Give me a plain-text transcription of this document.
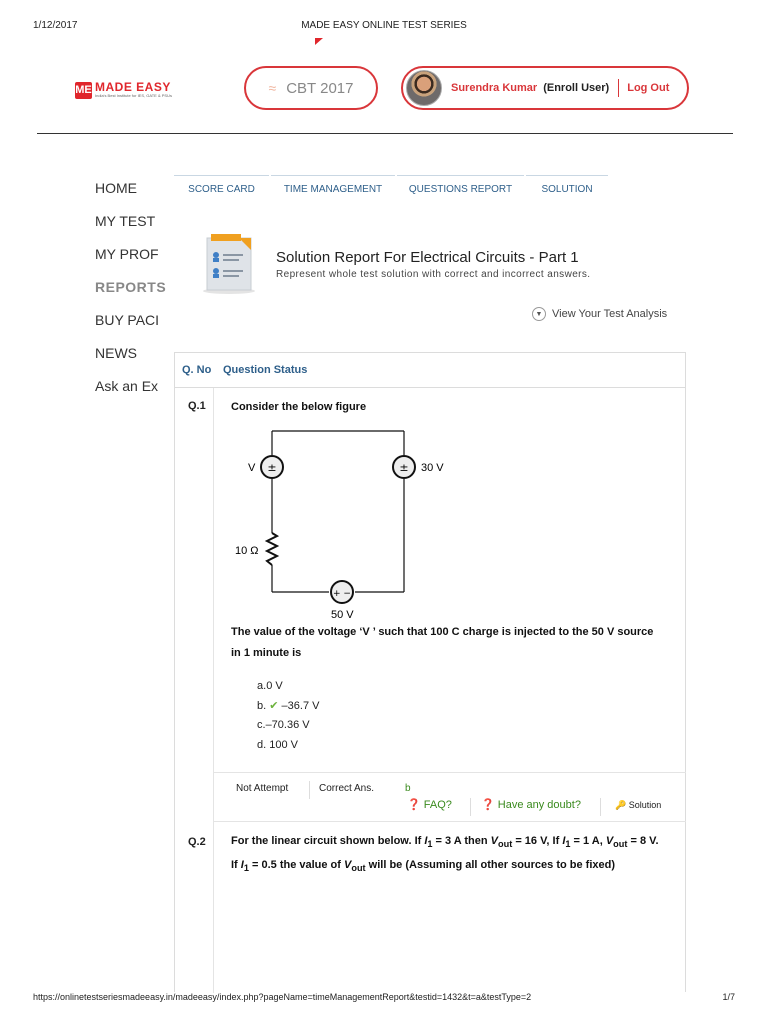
1/12/2017	MADE EASY ONLINE TEST SERIES
ME MADE EASY
India's Best Institute for IES, GATE & PSUs	≈ CBT 2017	Surendra Kumar (Enroll User) Log Out
HOME
MY TEST
MY PROF
REPORTS
BUY PACI
NEWS
Ask an Ex
SCORE CARD	TIME MANAGEMENT	QUESTIONS REPORT	SOLUTION
Solution Report For Electrical Circuits - Part 1
Represent whole test solution with correct and incorrect answers.
▼ View Your Test Analysis
Q. No	Question Status
Q.1 Consider the below figure
±	±
+ −
V	30 V
10 Ω
50 V
The value of the voltage ‘V ’ such that 100 C charge is injected to the 50 V source
in 1 minute is
a.0 V
b. ✔ –36.7 V
c.–70.36 V
d. 100 V
Not Attempt	Correct Ans.	b
❓ FAQ?	❓ Have any doubt?	🔑 Solution
Q.2 For the linear circuit shown below. If $I_1 = 3$ A then $V_{out} = 16$ V, If $I_1 = 1$ A, $V_{out} = 8$ V.
If $I_1 = 0.5$ the value of $V_{out}$ will be (Assuming all other sources to be fixed)
https://onlinetestseriesmadeeasy.in/madeeasy/index.php?pageName=timeManagementReport&testid=1432&t=a&testType=2	1/7
